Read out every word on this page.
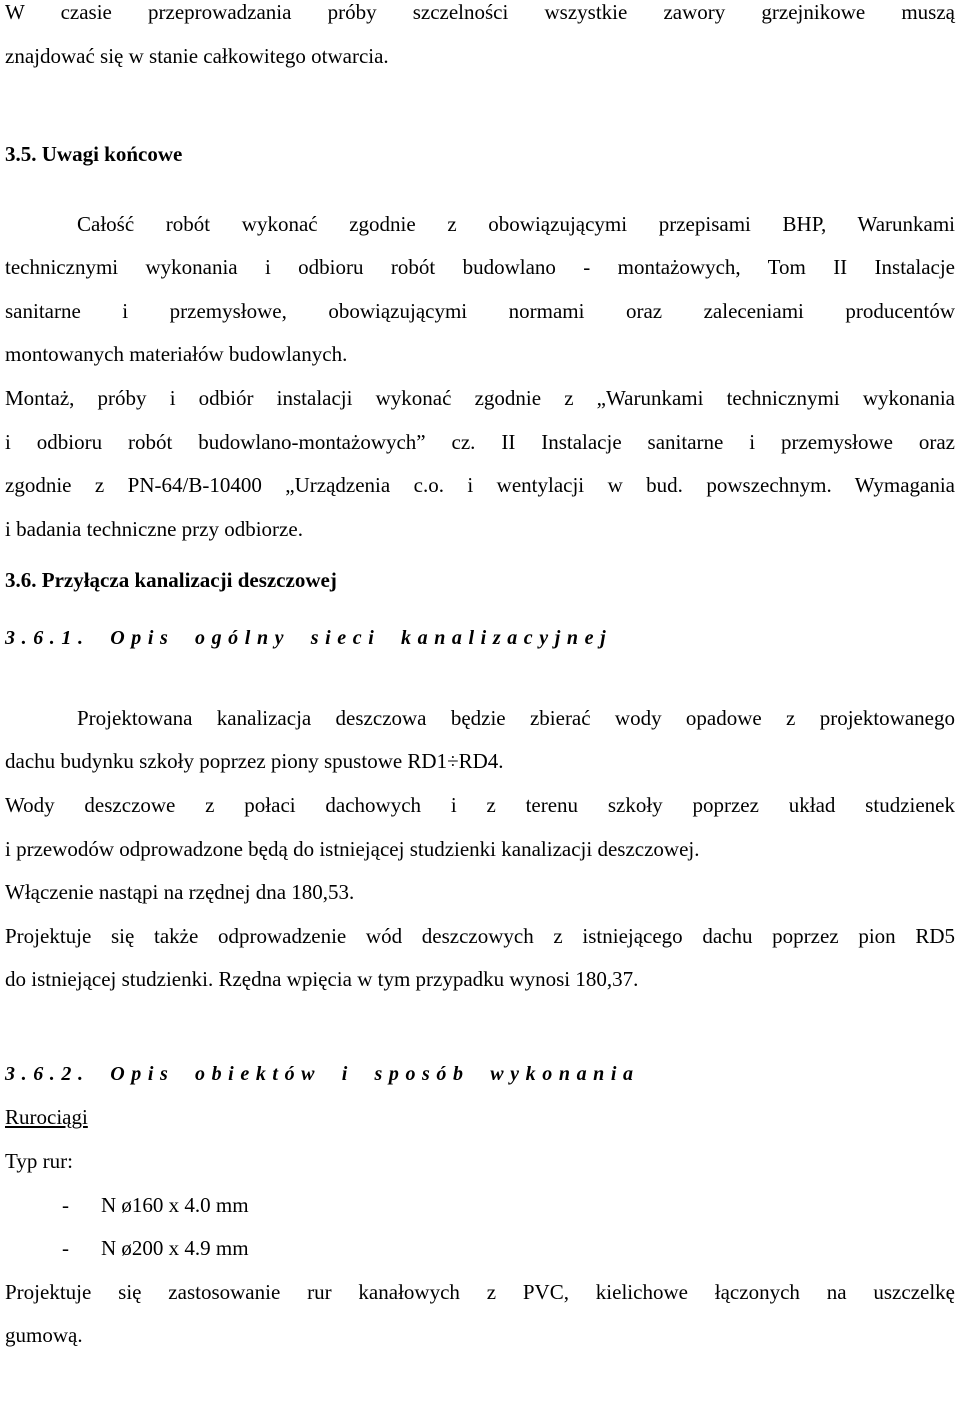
W czasie przeprowadzania próby szczelności wszystkie zawory grzejnikowe muszą

znajdować się w stanie całkowitego otwarcia.

3.5. Uwagi końcowe

Całość robót wykonać zgodnie z obowiązującymi przepisami BHP, Warunkami

technicznymi wykonania i odbioru robót budowlano - montażowych, Tom II Instalacje

sanitarne i przemysłowe, obowiązującymi normami oraz zaleceniami producentów

montowanych materiałów budowlanych.

Montaż, próby i odbiór instalacji wykonać zgodnie z „Warunkami technicznymi wykonania

i odbioru robót budowlano-montażowych” cz. II Instalacje sanitarne i przemysłowe oraz

zgodnie z PN-64/B-10400 „Urządzenia c.o. i wentylacji w bud. powszechnym. Wymagania

i badania techniczne przy odbiorze.

3.6. Przyłącza kanalizacji deszczowej
3.6.1. Opis ogólny sieci kanalizacyjnej

Projektowana kanalizacja deszczowa będzie zbierać wody opadowe z projektowanego

dachu budynku szkoły poprzez piony spustowe RD1÷RD4.

Wody deszczowe z połaci dachowych i z terenu szkoły poprzez układ studzienek

i przewodów odprowadzone będą do istniejącej studzienki kanalizacji deszczowej.

Włączenie nastąpi na rzędnej dna 180,53.

Projektuje się także odprowadzenie wód deszczowych z istniejącego dachu poprzez pion RD5

do istniejącej studzienki. Rzędna wpięcia w tym przypadku wynosi 180,37.

3.6.2. Opis obiektów i sposób wykonania

Rurociągi

Typ rur:

- N ø160 x 4.0 mm

- N ø200 x 4.9 mm

Projektuje się zastosowanie rur kanałowych z PVC, kielichowe łączonych na uszczelkę

gumową.
